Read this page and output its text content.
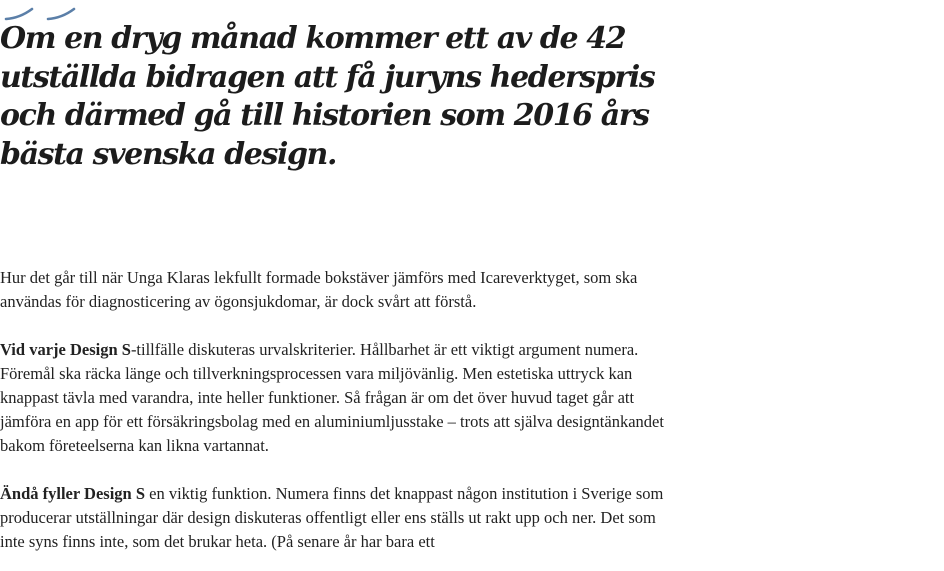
Om en dryg månad kommer ett av de 42 utställda bidragen att få juryns hederspris och därmed gå till historien som 2016 års bästa svenska design.

Hur det går till när Unga Klaras lekfullt formade bokstäver jämförs med Icareverktyget, som ska användas för diagnosticering av ögonsjukdomar, är dock svårt att förstå.

Vid varje Design S-tillfälle diskuteras urvalskriterier. Hållbarhet är ett viktigt argument numera. Föremål ska räcka länge och tillverkningsprocessen vara miljövänlig. Men estetiska uttryck kan knappast tävla med varandra, inte heller funktioner. Så frågan är om det över huvud taget går att jämföra en app för ett försäkringsbolag med en aluminiumljusstake – trots att själva designtänkandet bakom företeelserna kan likna vartannat.

Ändå fyller Design S en viktig funktion. Numera finns det knappast någon institution i Sverige som producerar utställningar där design diskuteras offentligt eller ens ställs ut rakt upp och ner. Det som inte syns finns inte, som det brukar heta. (På senare år har bara ett
